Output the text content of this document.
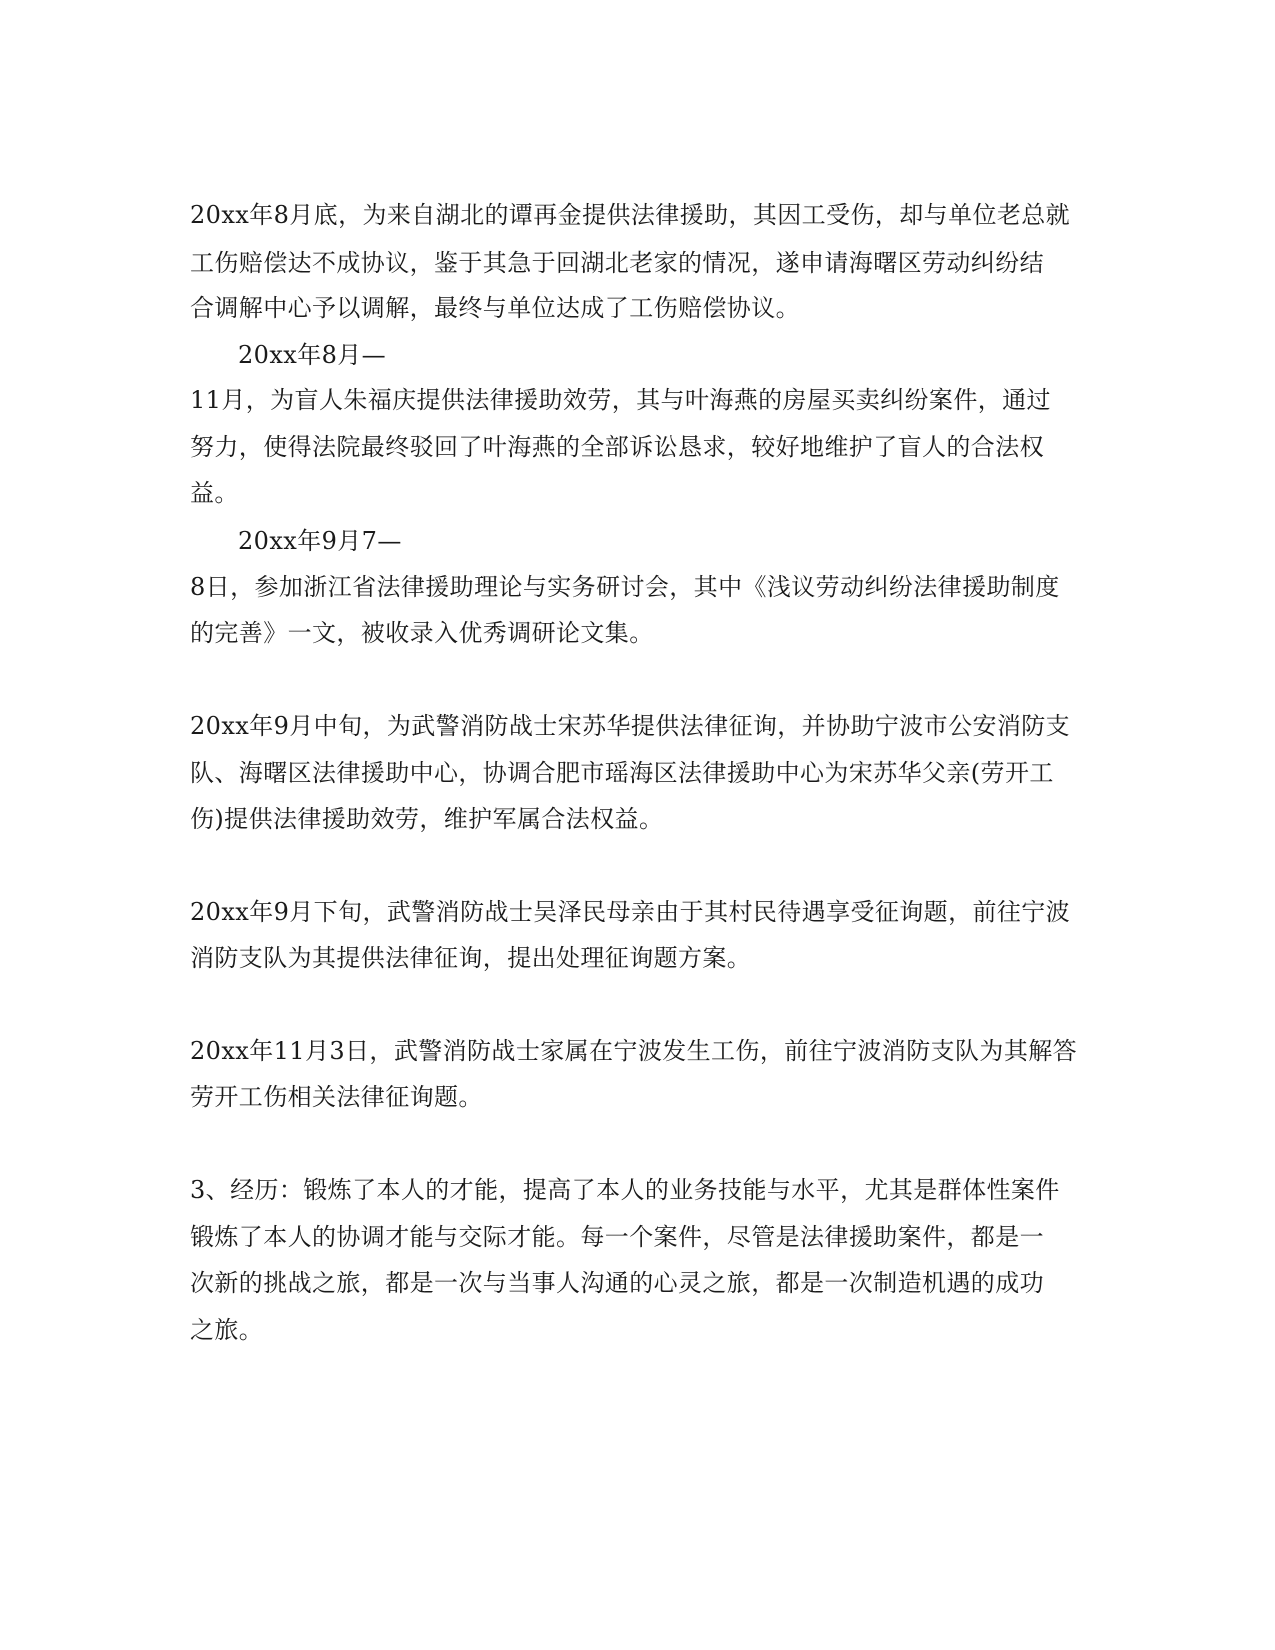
20xx年8月底，为来自湖北的谭再金提供法律援助，其因工受伤，却与单位老总就
工伤赔偿达不成协议，鉴于其急于回湖北老家的情况，遂申请海曙区劳动纠纷结
合调解中心予以调解，最终与单位达成了工伤赔偿协议。
20xx年8月—
11月，为盲人朱福庆提供法律援助效劳，其与叶海燕的房屋买卖纠纷案件，通过
努力，使得法院最终驳回了叶海燕的全部诉讼恳求，较好地维护了盲人的合法权
益。
20xx年9月7—
8日，参加浙江省法律援助理论与实务研讨会，其中《浅议劳动纠纷法律援助制度
的完善》一文，被收录入优秀调研论文集。
20xx年9月中旬，为武警消防战士宋苏华提供法律征询，并协助宁波市公安消防支
队、海曙区法律援助中心，协调合肥市瑶海区法律援助中心为宋苏华父亲(劳开工
伤)提供法律援助效劳，维护军属合法权益。
20xx年9月下旬，武警消防战士吴泽民母亲由于其村民待遇享受征询题，前往宁波
消防支队为其提供法律征询，提出处理征询题方案。
20xx年11月3日，武警消防战士家属在宁波发生工伤，前往宁波消防支队为其解答
劳开工伤相关法律征询题。
3、经历：锻炼了本人的才能，提高了本人的业务技能与水平，尤其是群体性案件
锻炼了本人的协调才能与交际才能。每一个案件，尽管是法律援助案件，都是一
次新的挑战之旅，都是一次与当事人沟通的心灵之旅，都是一次制造机遇的成功
之旅。
